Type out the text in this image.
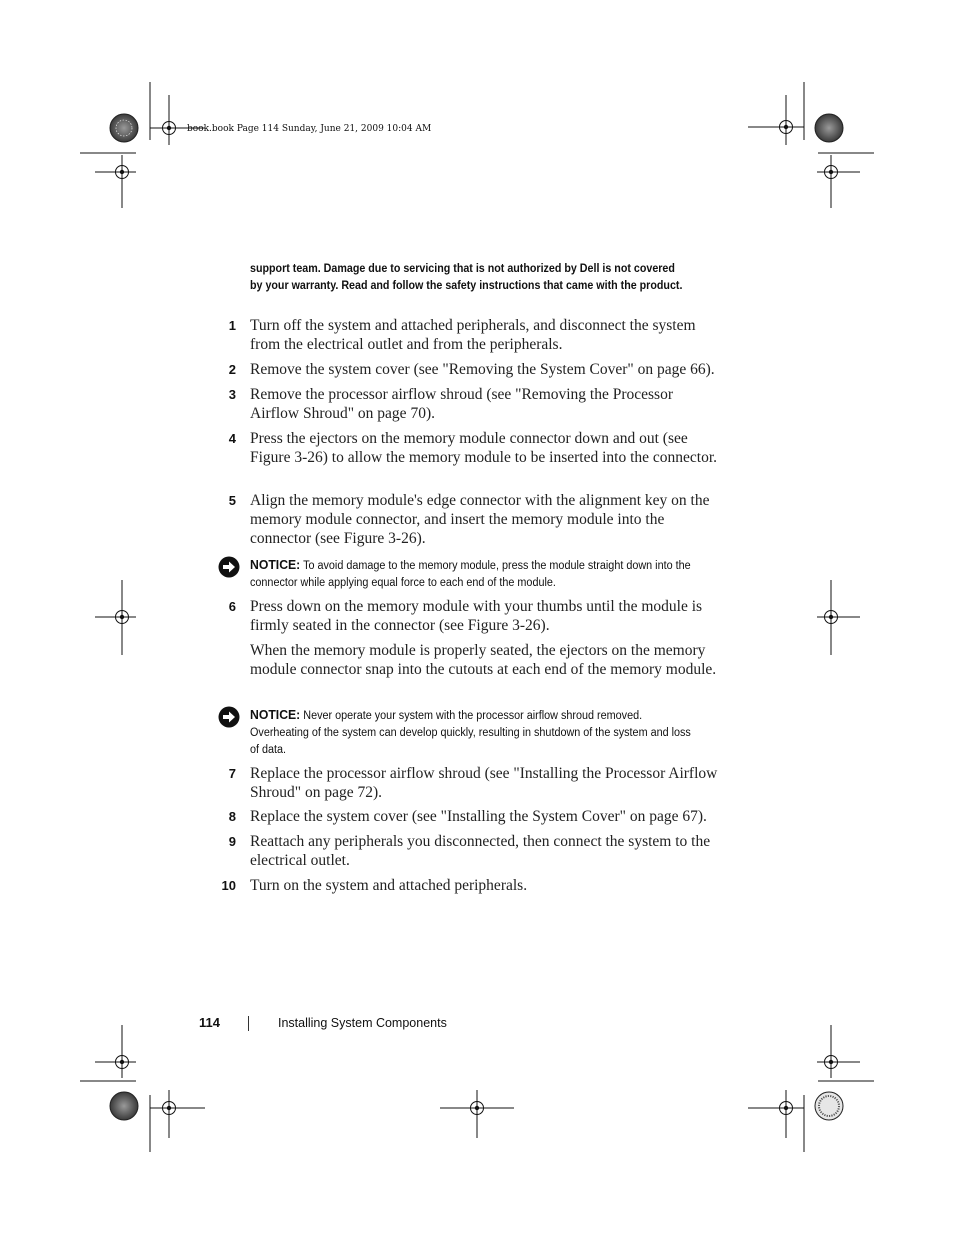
book.book Page 114 Sunday, June 21, 2009 10:04 AM
support team. Damage due to servicing that is not authorized by Dell is not covered by your warranty. Read and follow the safety instructions that came with the product.
1 Turn off the system and attached peripherals, and disconnect the system from the electrical outlet and from the peripherals.
2 Remove the system cover (see "Removing the System Cover" on page 66).
3 Remove the processor airflow shroud (see "Removing the Processor Airflow Shroud" on page 70).
4 Press the ejectors on the memory module connector down and out (see Figure 3-26) to allow the memory module to be inserted into the connector.
5 Align the memory module's edge connector with the alignment key on the memory module connector, and insert the memory module into the connector (see Figure 3-26).
NOTICE: To avoid damage to the memory module, press the module straight down into the connector while applying equal force to each end of the module.
6 Press down on the memory module with your thumbs until the module is firmly seated in the connector (see Figure 3-26).
When the memory module is properly seated, the ejectors on the memory module connector snap into the cutouts at each end of the memory module.
NOTICE: Never operate your system with the processor airflow shroud removed. Overheating of the system can develop quickly, resulting in shutdown of the system and loss of data.
7 Replace the processor airflow shroud (see "Installing the Processor Airflow Shroud" on page 72).
8 Replace the system cover (see "Installing the System Cover" on page 67).
9 Reattach any peripherals you disconnected, then connect the system to the electrical outlet.
10 Turn on the system and attached peripherals.
114	Installing System Components
